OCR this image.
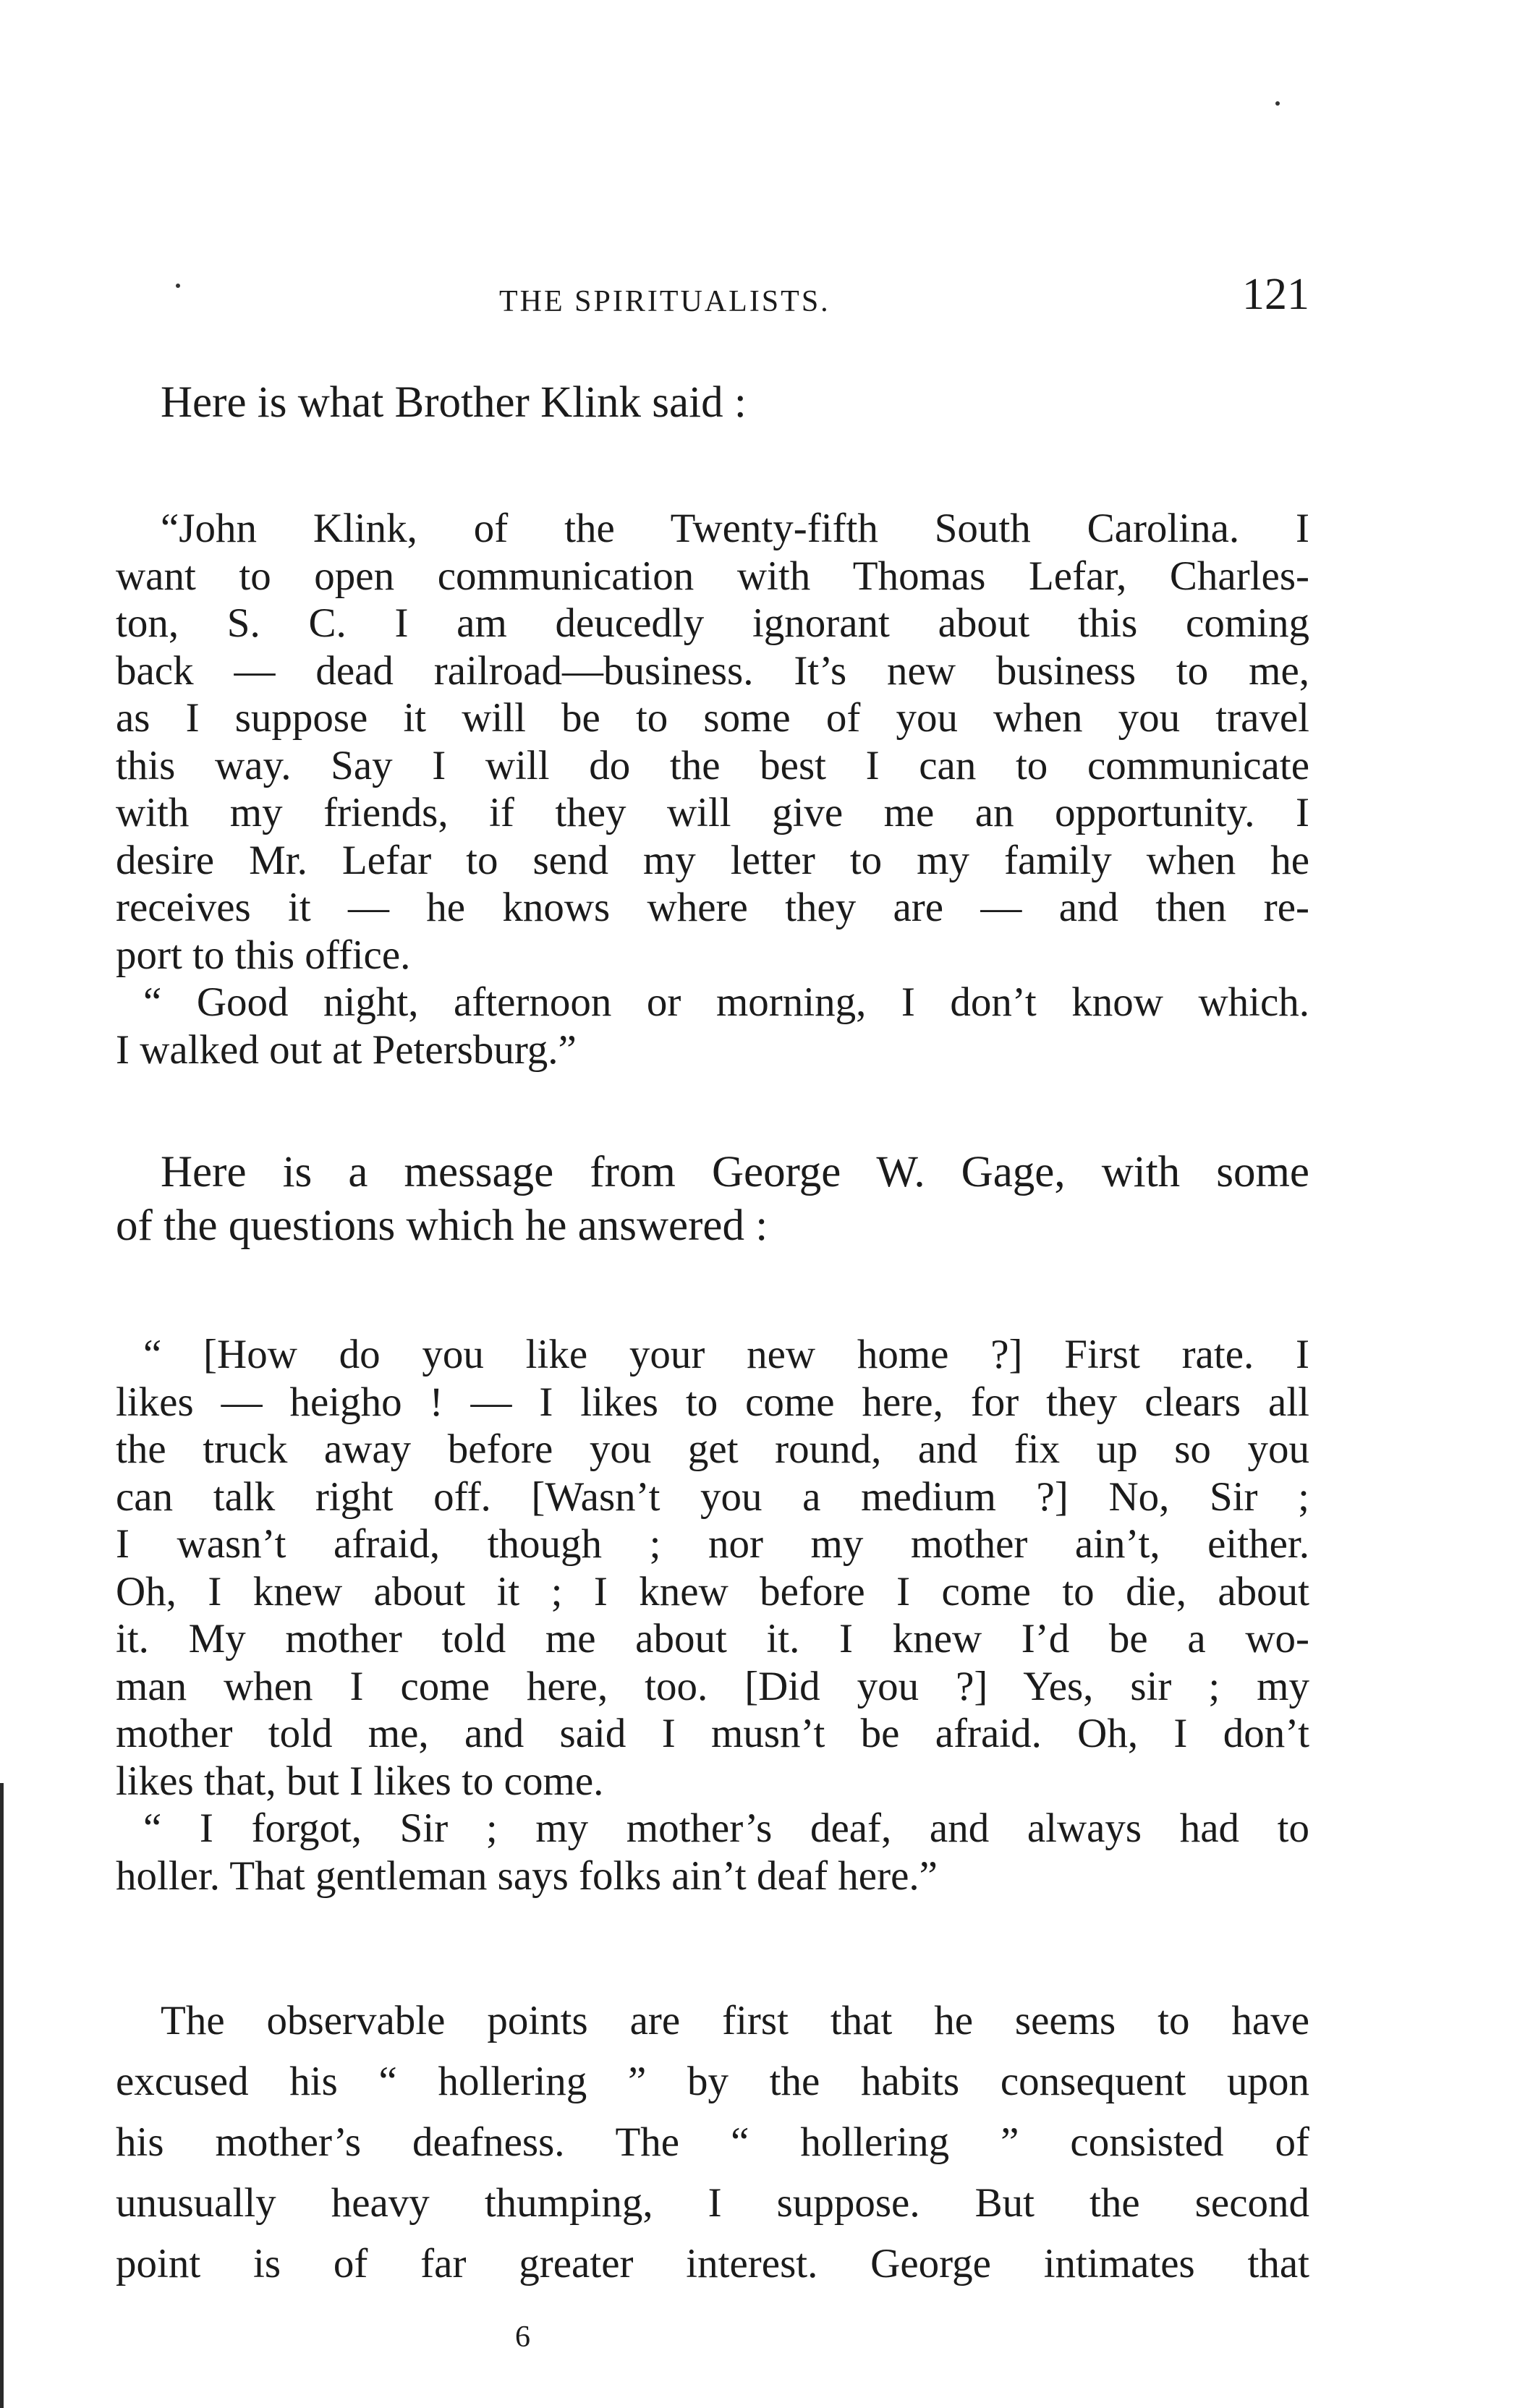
THE SPIRITUALISTS.	121
Here is what Brother Klink said :
“John Klink, of the Twenty-fifth South Carolina. I
want to open communication with Thomas Lefar, Charles-
ton, S. C. I am deucedly ignorant about this coming
back — dead railroad—business. It’s new business to me,
as I suppose it will be to some of you when you travel
this way. Say I will do the best I can to communicate
with my friends, if they will give me an opportunity. I
desire Mr. Lefar to send my letter to my family when he
receives it — he knows where they are — and then re-
port to this office.
“ Good night, afternoon or morning, I don’t know which.
I walked out at Petersburg.”
Here is a message from George W. Gage, with some
of the questions which he answered :
“ [How do you like your new home ?] First rate. I
likes — heigho ! — I likes to come here, for they clears all
the truck away before you get round, and fix up so you
can talk right off. [Wasn’t you a medium ?] No, Sir ;
I wasn’t afraid, though ; nor my mother ain’t, either.
Oh, I knew about it ; I knew before I come to die, about
it. My mother told me about it. I knew I’d be a wo-
man when I come here, too. [Did you ?] Yes, sir ; my
mother told me, and said I musn’t be afraid. Oh, I don’t
likes that, but I likes to come.
“ I forgot, Sir ; my mother’s deaf, and always had to
holler. That gentleman says folks ain’t deaf here.”
The observable points are first that he seems to have
excused his “ hollering ” by the habits consequent upon
his mother’s deafness. The “ hollering ” consisted of
unusually heavy thumping, I suppose. But the second
point is of far greater interest. George intimates that
6
